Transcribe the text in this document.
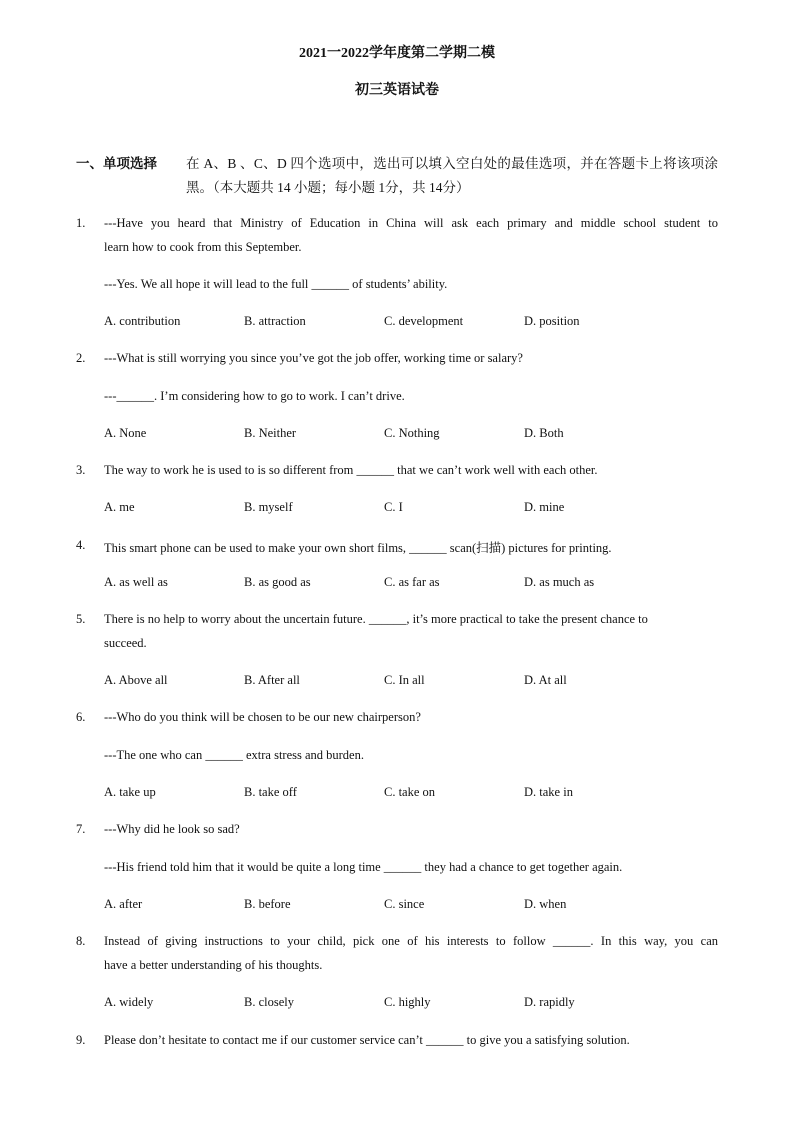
2021一2022学年度第二学期二模
初三英语试卷
一、单项选择 在 A、B 、C、D 四个选项中，选出可以填入空白处的最佳选项，并在答题卡上将该项涂黑。（本大题共 14 小题；每小题 1分，共 14分）
1. ---Have you heard that Ministry of Education in China will ask each primary and middle school student to
learn how to cook from this September.
---Yes. We all hope it will lead to the full ______ of students’ ability.
A. contribution	B. attraction	C. development	D. position
2. ---What is still worrying you since you’ve got the job offer, working time or salary?
---______. I’m considering how to go to work. I can’t drive.
A. None	B. Neither	C. Nothing	D. Both
3. The way to work he is used to is so different from ______ that we can’t work well with each other.
A. me	B. myself	C. I	D. mine
4. This smart phone can be used to make your own short films, ______ scan(扫描) pictures for printing.
A. as well as	B. as good as	C. as far as	D. as much as
5. There is no help to worry about the uncertain future. ______, it’s more practical to take the present chance to
succeed.
A. Above all	B. After all	C. In all	D. At all
6. ---Who do you think will be chosen to be our new chairperson?
---The one who can ______ extra stress and burden.
A. take up	B. take off	C. take on	D. take in
7. ---Why did he look so sad?
---His friend told him that it would be quite a long time ______ they had a chance to get together again.
A. after	B. before	C. since	D. when
8. Instead of giving instructions to your child, pick one of his interests to follow ______. In this way, you can
have a better understanding of his thoughts.
A. widely	B. closely	C. highly	D. rapidly
9. Please don’t hesitate to contact me if our customer service can’t ______ to give you a satisfying solution.
